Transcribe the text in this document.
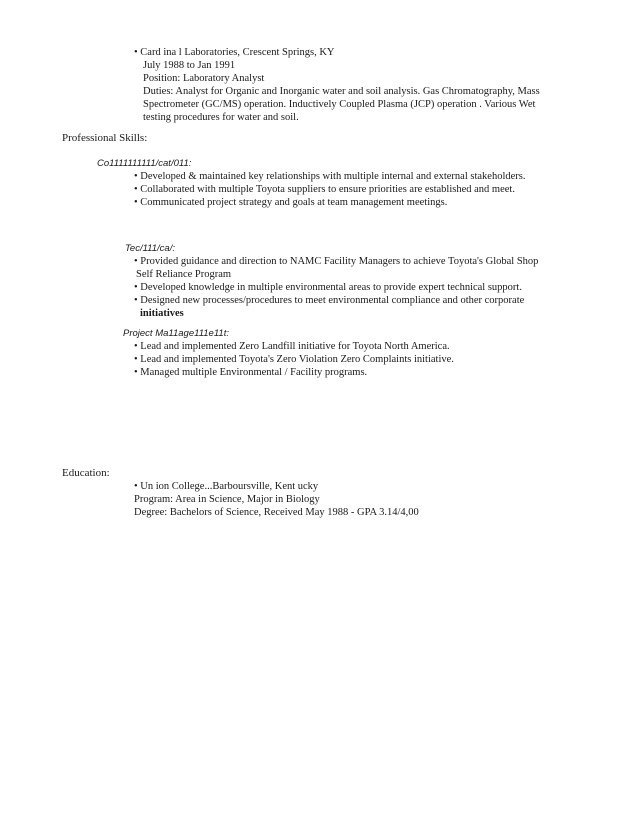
• Card ina l Laboratories, Crescent Springs, KY
July 1988 to Jan 1991
Position: Laboratory Analyst
Duties: Analyst for Organic and Inorganic water and soil analysis. Gas Chromatography, Mass
Spectrometer (GC/MS) operation. Inductively Coupled Plasma (JCP) operation . Various Wet
testing procedures for water and soil.
Professional Skills:
Co1111111111/cat/011:
• Developed & maintained key relationships with multiple internal and external stakeholders.
• Collaborated with multiple Toyota suppliers to ensure priorities are established and meet.
• Communicated project strategy and goals at team management meetings.
Tec/111/ca/:
• Provided guidance and direction to NAMC Facility Managers to achieve Toyota's Global Shop
Self Reliance Program
• Developed knowledge in multiple environmental areas to provide expert technical support.
• Designed new processes/procedures to meet environmental compliance and other corporate
initiatives
Project Ma11age111e11t:
• Lead and implemented Zero Landfill initiative for Toyota North America.
• Lead and implemented Toyota's Zero Violation Zero Complaints initiative.
• Managed multiple Environmental / Facility programs.
Education:
• Un ion College...Barboursville, Kent ucky
Program: Area in Science, Major in Biology
Degree: Bachelors of Science, Received May 1988 - GPA 3.14/4,00
